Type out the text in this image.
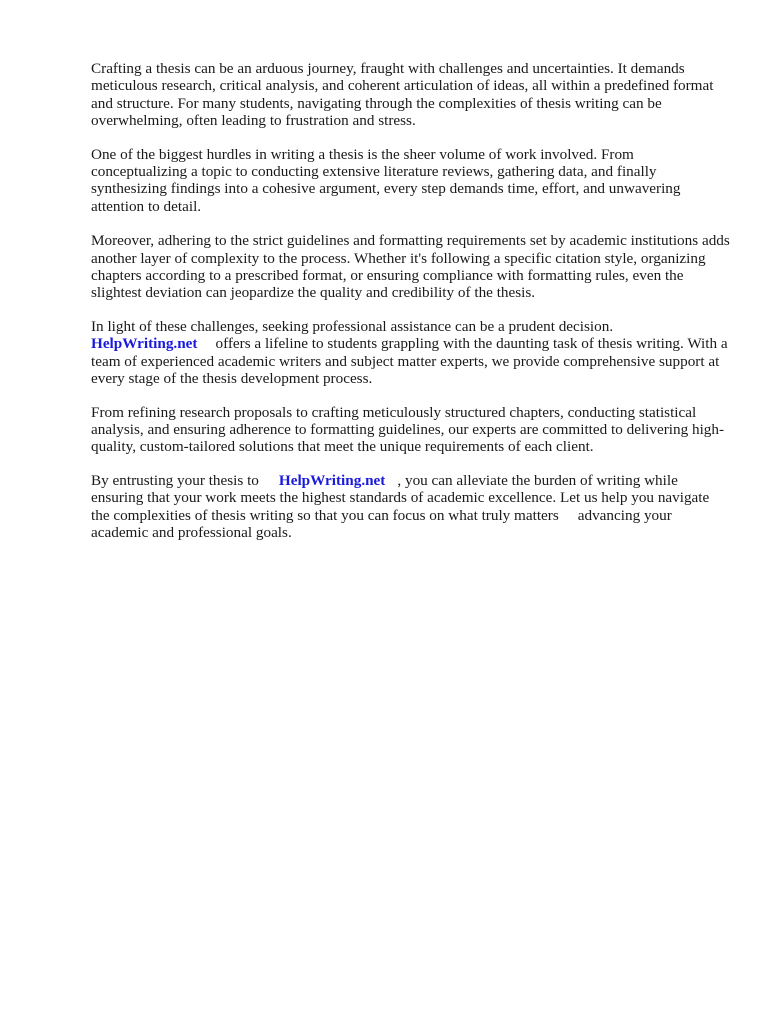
Crafting a thesis can be an arduous journey, fraught with challenges and uncertainties. It demands meticulous research, critical analysis, and coherent articulation of ideas, all within a predefined format and structure. For many students, navigating through the complexities of thesis writing can be overwhelming, often leading to frustration and stress.

One of the biggest hurdles in writing a thesis is the sheer volume of work involved. From conceptualizing a topic to conducting extensive literature reviews, gathering data, and finally synthesizing findings into a cohesive argument, every step demands time, effort, and unwavering attention to detail.

Moreover, adhering to the strict guidelines and formatting requirements set by academic institutions adds another layer of complexity to the process. Whether it's following a specific citation style, organizing chapters according to a prescribed format, or ensuring compliance with formatting rules, even the slightest deviation can jeopardize the quality and credibility of the thesis.

In light of these challenges, seeking professional assistance can be a prudent decision.
HelpWriting.net offers a lifeline to students grappling with the daunting task of thesis writing. With a team of experienced academic writers and subject matter experts, we provide comprehensive support at every stage of the thesis development process.

From refining research proposals to crafting meticulously structured chapters, conducting statistical analysis, and ensuring adherence to formatting guidelines, our experts are committed to delivering high-quality, custom-tailored solutions that meet the unique requirements of each client.

By entrusting your thesis to HelpWriting.net , you can alleviate the burden of writing while ensuring that your work meets the highest standards of academic excellence. Let us help you navigate the complexities of thesis writing so that you can focus on what truly matters   advancing your academic and professional goals.
